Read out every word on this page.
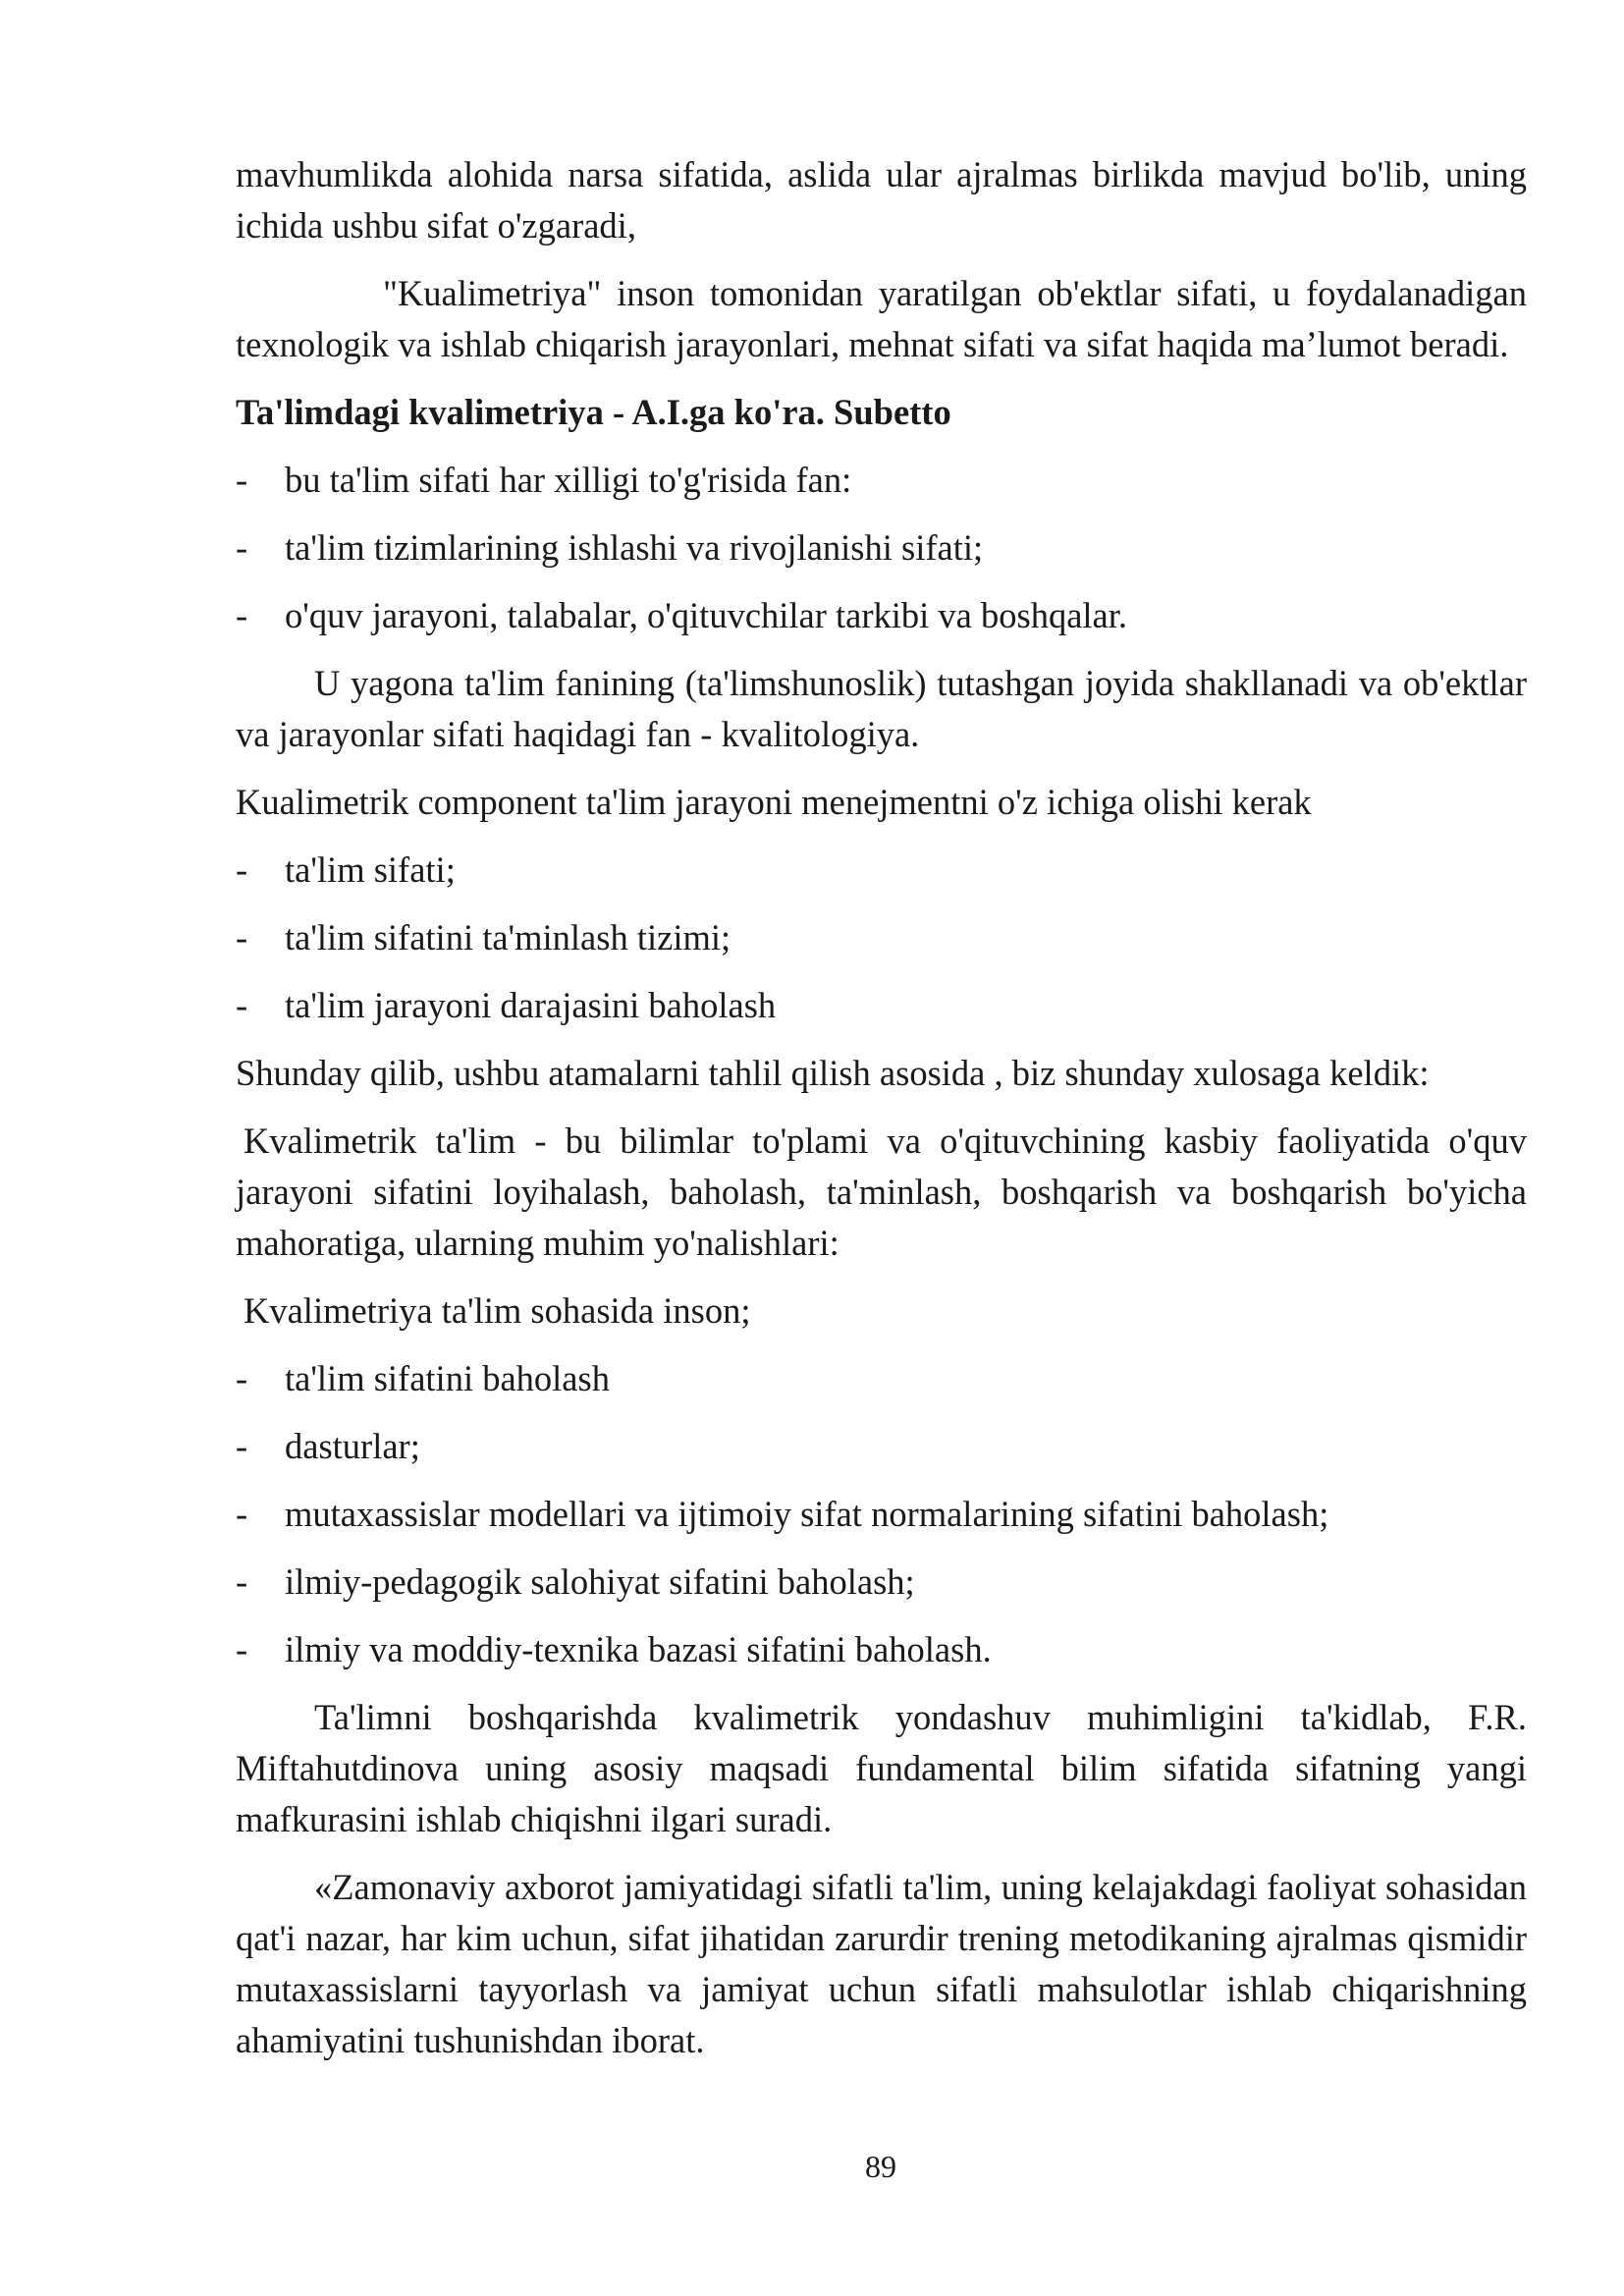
mavhumlikda alohida narsa sifatida, aslida ular ajralmas birlikda mavjud bo'lib, uning ichida ushbu sifat o'zgaradi,

"Kualimetriya" inson tomonidan yaratilgan ob'ektlar sifati, u foydalanadigan texnologik va ishlab chiqarish jarayonlari, mehnat sifati va sifat haqida ma’lumot beradi.

Ta'limdagi kvalimetriya - A.I.ga ko'ra. Subetto

- bu ta'lim sifati har xilligi to'g'risida fan:
- ta'lim tizimlarining ishlashi va rivojlanishi sifati;
- o'quv jarayoni, talabalar, o'qituvchilar tarkibi va boshqalar.

U yagona ta'lim fanining (ta'limshunoslik) tutashgan joyida shakllanadi va ob'ektlar va jarayonlar sifati haqidagi fan - kvalitologiya.

Kualimetrik component ta'lim jarayoni menejmentni o'z ichiga olishi kerak

- ta'lim sifati;
- ta'lim sifatini ta'minlash tizimi;
- ta'lim jarayoni darajasini baholash

Shunday qilib, ushbu atamalarni tahlil qilish asosida , biz shunday xulosaga keldik:

Kvalimetrik ta'lim - bu bilimlar to'plami va o'qituvchining kasbiy faoliyatida o'quv jarayoni sifatini loyihalash, baholash, ta'minlash, boshqarish va boshqarish bo'yicha mahoratiga, ularning muhim yo'nalishlari:

Kvalimetriya ta'lim sohasida inson;

- ta'lim sifatini baholash
- dasturlar;
- mutaxassislar modellari va ijtimoiy sifat normalarining sifatini baholash;
- ilmiy-pedagogik salohiyat sifatini baholash;
- ilmiy va moddiy-texnika bazasi sifatini baholash.

Ta'limni boshqarishda kvalimetrik yondashuv muhimligini ta'kidlab, F.R. Miftahutdinova uning asosiy maqsadi fundamental bilim sifatida sifatning yangi mafkurasini ishlab chiqishni ilgari suradi.

«Zamonaviy axborot jamiyatidagi sifatli ta'lim, uning kelajakdagi faoliyat sohasidan qat'i nazar, har kim uchun, sifat jihatidan zarurdir trening metodikaning ajralmas qismidir mutaxassislarni tayyorlash va jamiyat uchun sifatli mahsulotlar ishlab chiqarishning ahamiyatini tushunishdan iborat.

89
